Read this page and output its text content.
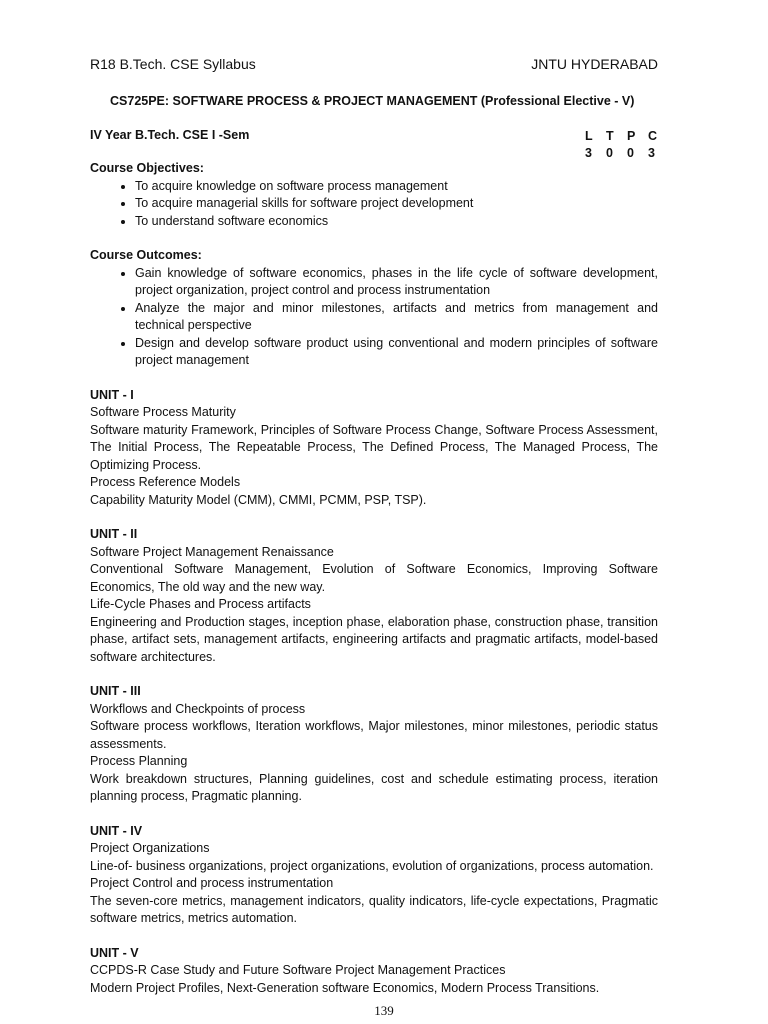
R18 B.Tech. CSE Syllabus	JNTU HYDERABAD
CS725PE: SOFTWARE PROCESS & PROJECT MANAGEMENT (Professional Elective - V)
IV Year B.Tech. CSE I -Sem	L	T	P	C
3	0	0	3

Course Objectives:

• To acquire knowledge on software process management
• To acquire managerial skills for software project development
• To understand software economics

Course Outcomes:

• Gain knowledge of software economics, phases in the life cycle of software development, project organization, project control and process instrumentation
• Analyze the major and minor milestones, artifacts and metrics from management and technical perspective
• Design and develop software product using conventional and modern principles of software project management

UNIT - I

Software Process Maturity

Software maturity Framework, Principles of Software Process Change, Software Process Assessment, The Initial Process, The Repeatable Process, The Defined Process, The Managed Process, The Optimizing Process.

Process Reference Models

Capability Maturity Model (CMM), CMMI, PCMM, PSP, TSP).

UNIT - II

Software Project Management Renaissance

Conventional Software Management, Evolution of Software Economics, Improving Software Economics, The old way and the new way.

Life-Cycle Phases and Process artifacts

Engineering and Production stages, inception phase, elaboration phase, construction phase, transition phase, artifact sets, management artifacts, engineering artifacts and pragmatic artifacts, model-based software architectures.

UNIT - III

Workflows and Checkpoints of process

Software process workflows, Iteration workflows, Major milestones, minor milestones, periodic status assessments.

Process Planning

Work breakdown structures, Planning guidelines, cost and schedule estimating process, iteration planning process, Pragmatic planning.

UNIT - IV

Project Organizations

Line-of- business organizations, project organizations, evolution of organizations, process automation.

Project Control and process instrumentation

The seven-core metrics, management indicators, quality indicators, life-cycle expectations, Pragmatic software metrics, metrics automation.

UNIT - V

CCPDS-R Case Study and Future Software Project Management Practices

Modern Project Profiles, Next-Generation software Economics, Modern Process Transitions.

139
